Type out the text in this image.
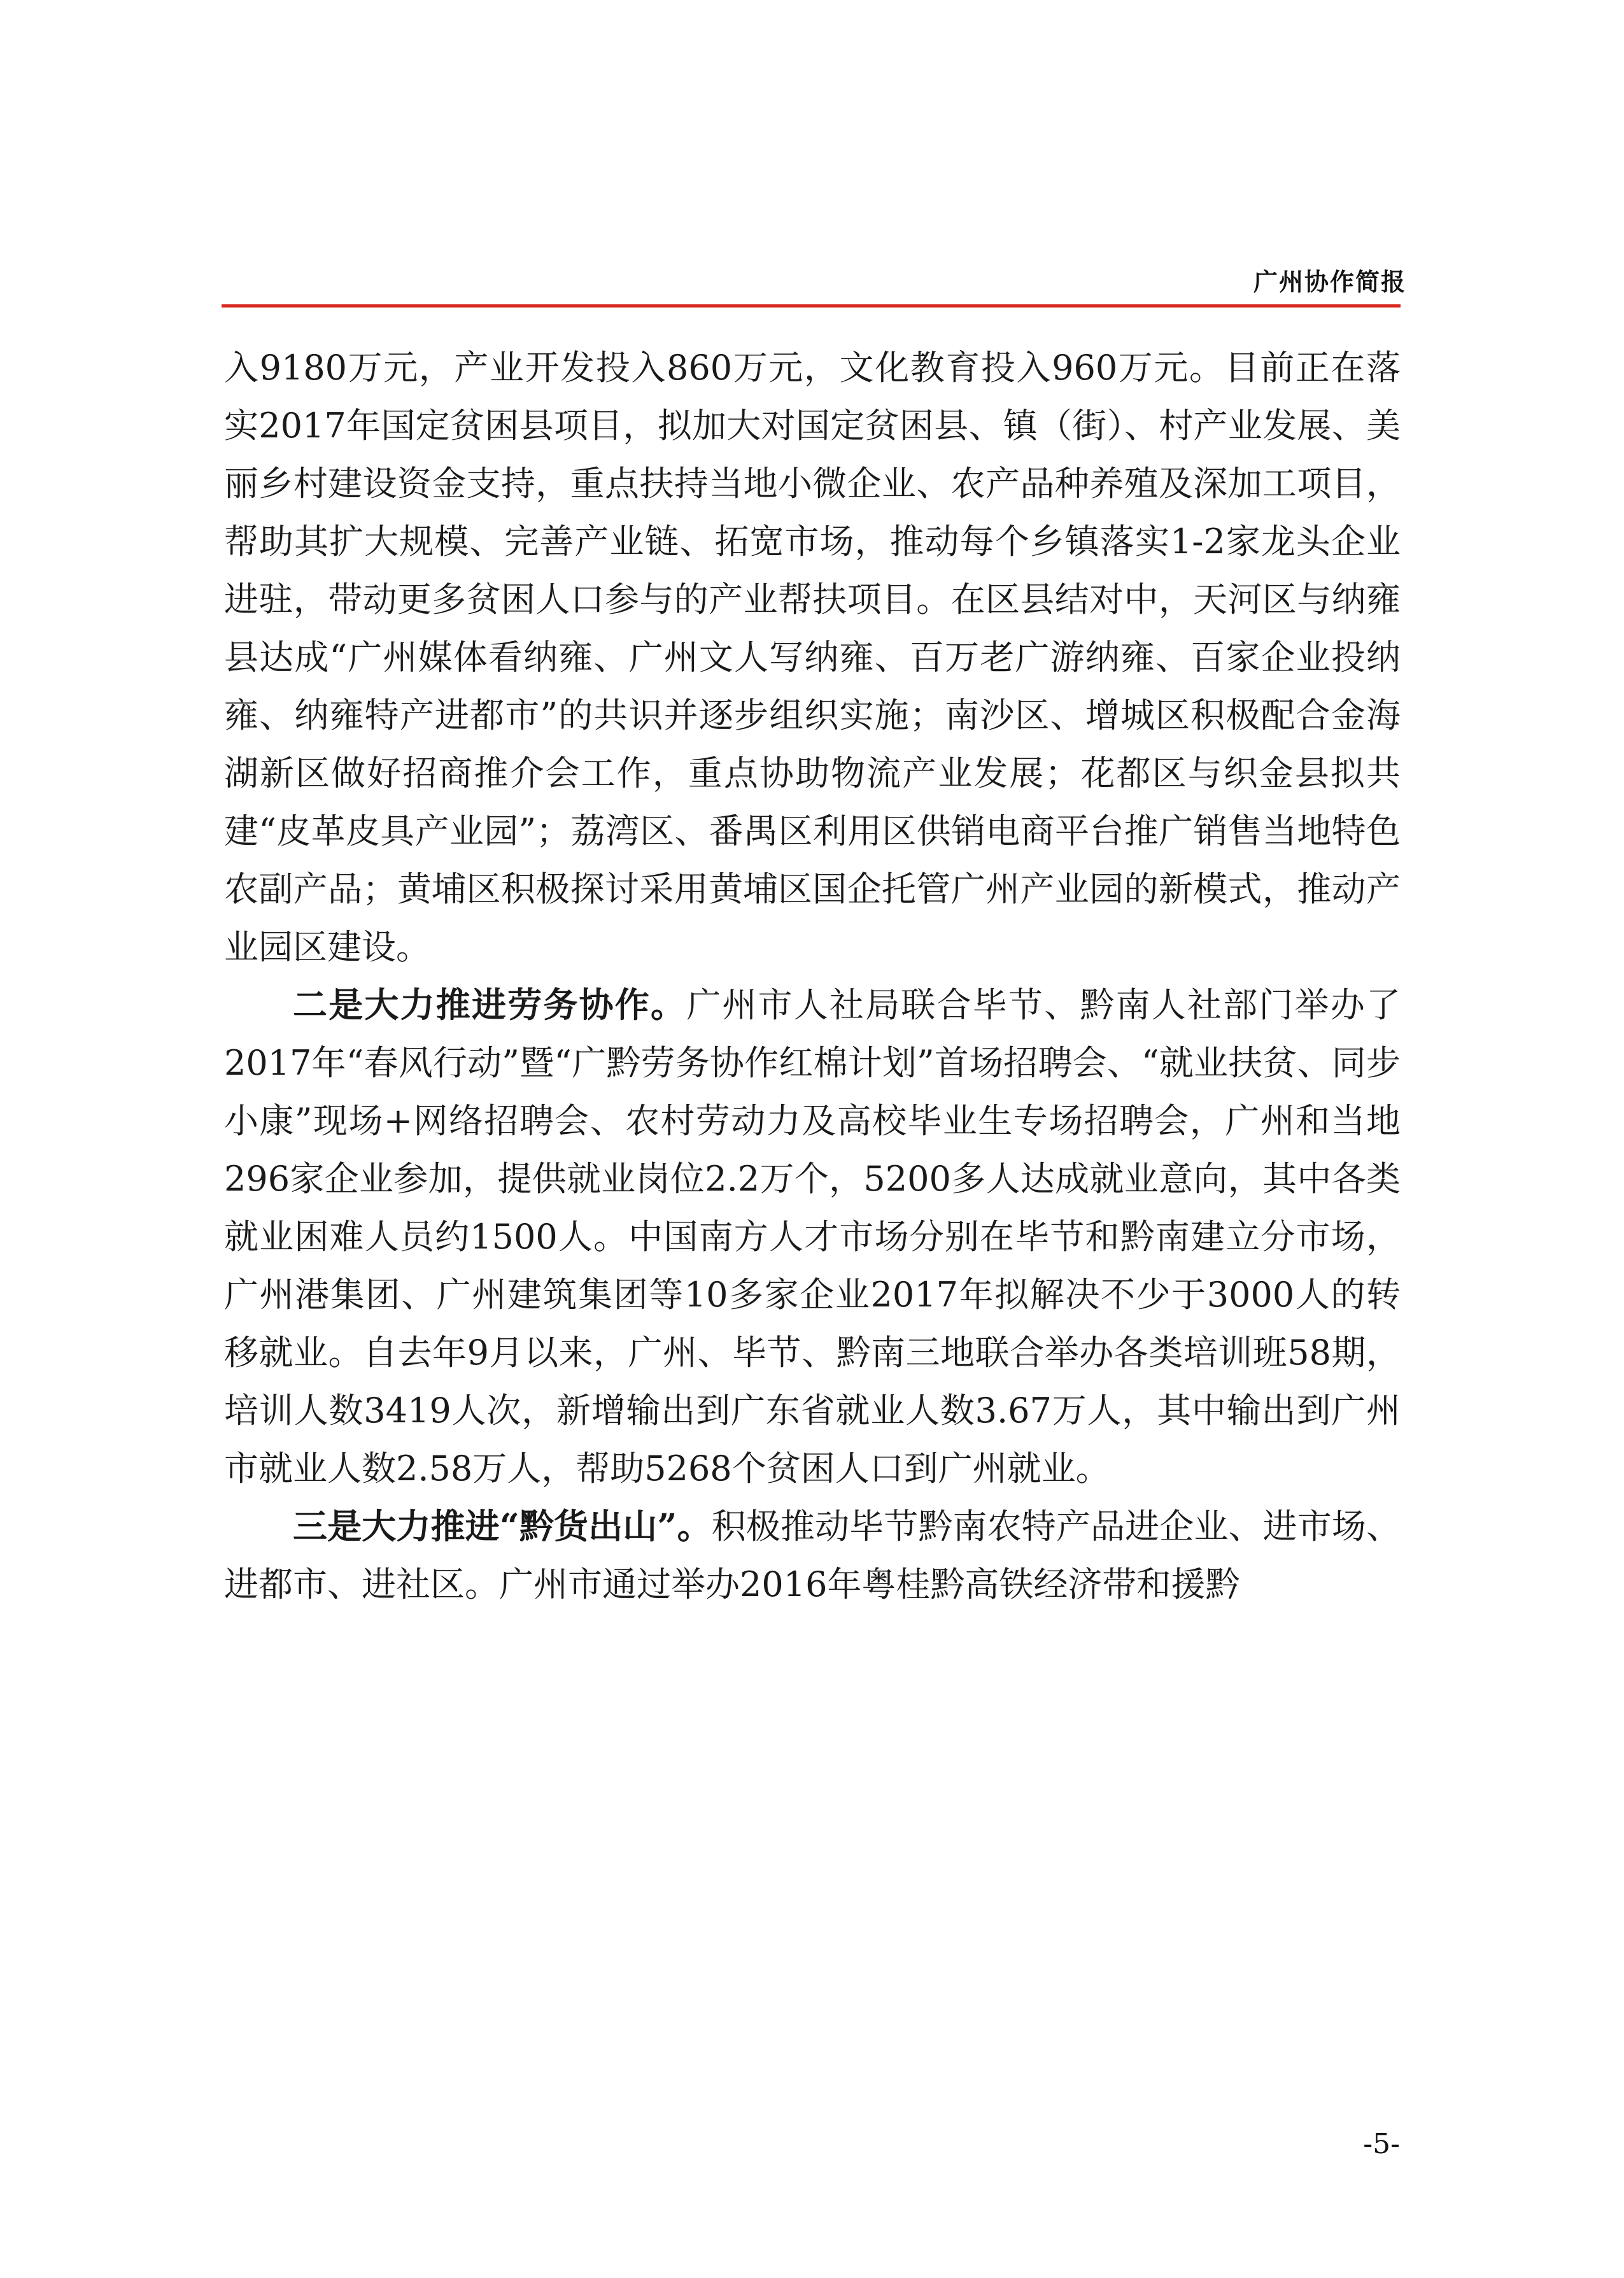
广州协作简报

入9180万元，产业开发投入860万元，文化教育投入960万元。目前正在落实2017年国定贫困县项目，拟加大对国定贫困县、镇（街）、村产业发展、美丽乡村建设资金支持，重点扶持当地小微企业、农产品种养殖及深加工项目，帮助其扩大规模、完善产业链、拓宽市场，推动每个乡镇落实1-2家龙头企业进驻，带动更多贫困人口参与的产业帮扶项目。在区县结对中，天河区与纳雍县达成“广州媒体看纳雍、广州文人写纳雍、百万老广游纳雍、百家企业投纳雍、纳雍特产进都市”的共识并逐步组织实施；南沙区、增城区积极配合金海湖新区做好招商推介会工作，重点协助物流产业发展；花都区与织金县拟共建“皮革皮具产业园”；荔湾区、番禺区利用区供销电商平台推广销售当地特色农副产品；黄埔区积极探讨采用黄埔区国企托管广州产业园的新模式，推动产业园区建设。

二是大力推进劳务协作。广州市人社局联合毕节、黔南人社部门举办了2017年“春风行动”暨“广黔劳务协作红棉计划”首场招聘会、“就业扶贫、同步小康”现场+网络招聘会、农村劳动力及高校毕业生专场招聘会，广州和当地296家企业参加，提供就业岗位2.2万个，5200多人达成就业意向，其中各类就业困难人员约1500人。中国南方人才市场分别在毕节和黔南建立分市场，广州港集团、广州建筑集团等10多家企业2017年拟解决不少于3000人的转移就业。自去年9月以来，广州、毕节、黔南三地联合举办各类培训班58期，培训人数3419人次，新增输出到广东省就业人数3.67万人，其中输出到广州市就业人数2.58万人，帮助5268个贫困人口到广州就业。

三是大力推进“黔货出山”。积极推动毕节黔南农特产品进企业、进市场、进都市、进社区。广州市通过举办2016年粤桂黔高铁经济带和援黔

-5-
